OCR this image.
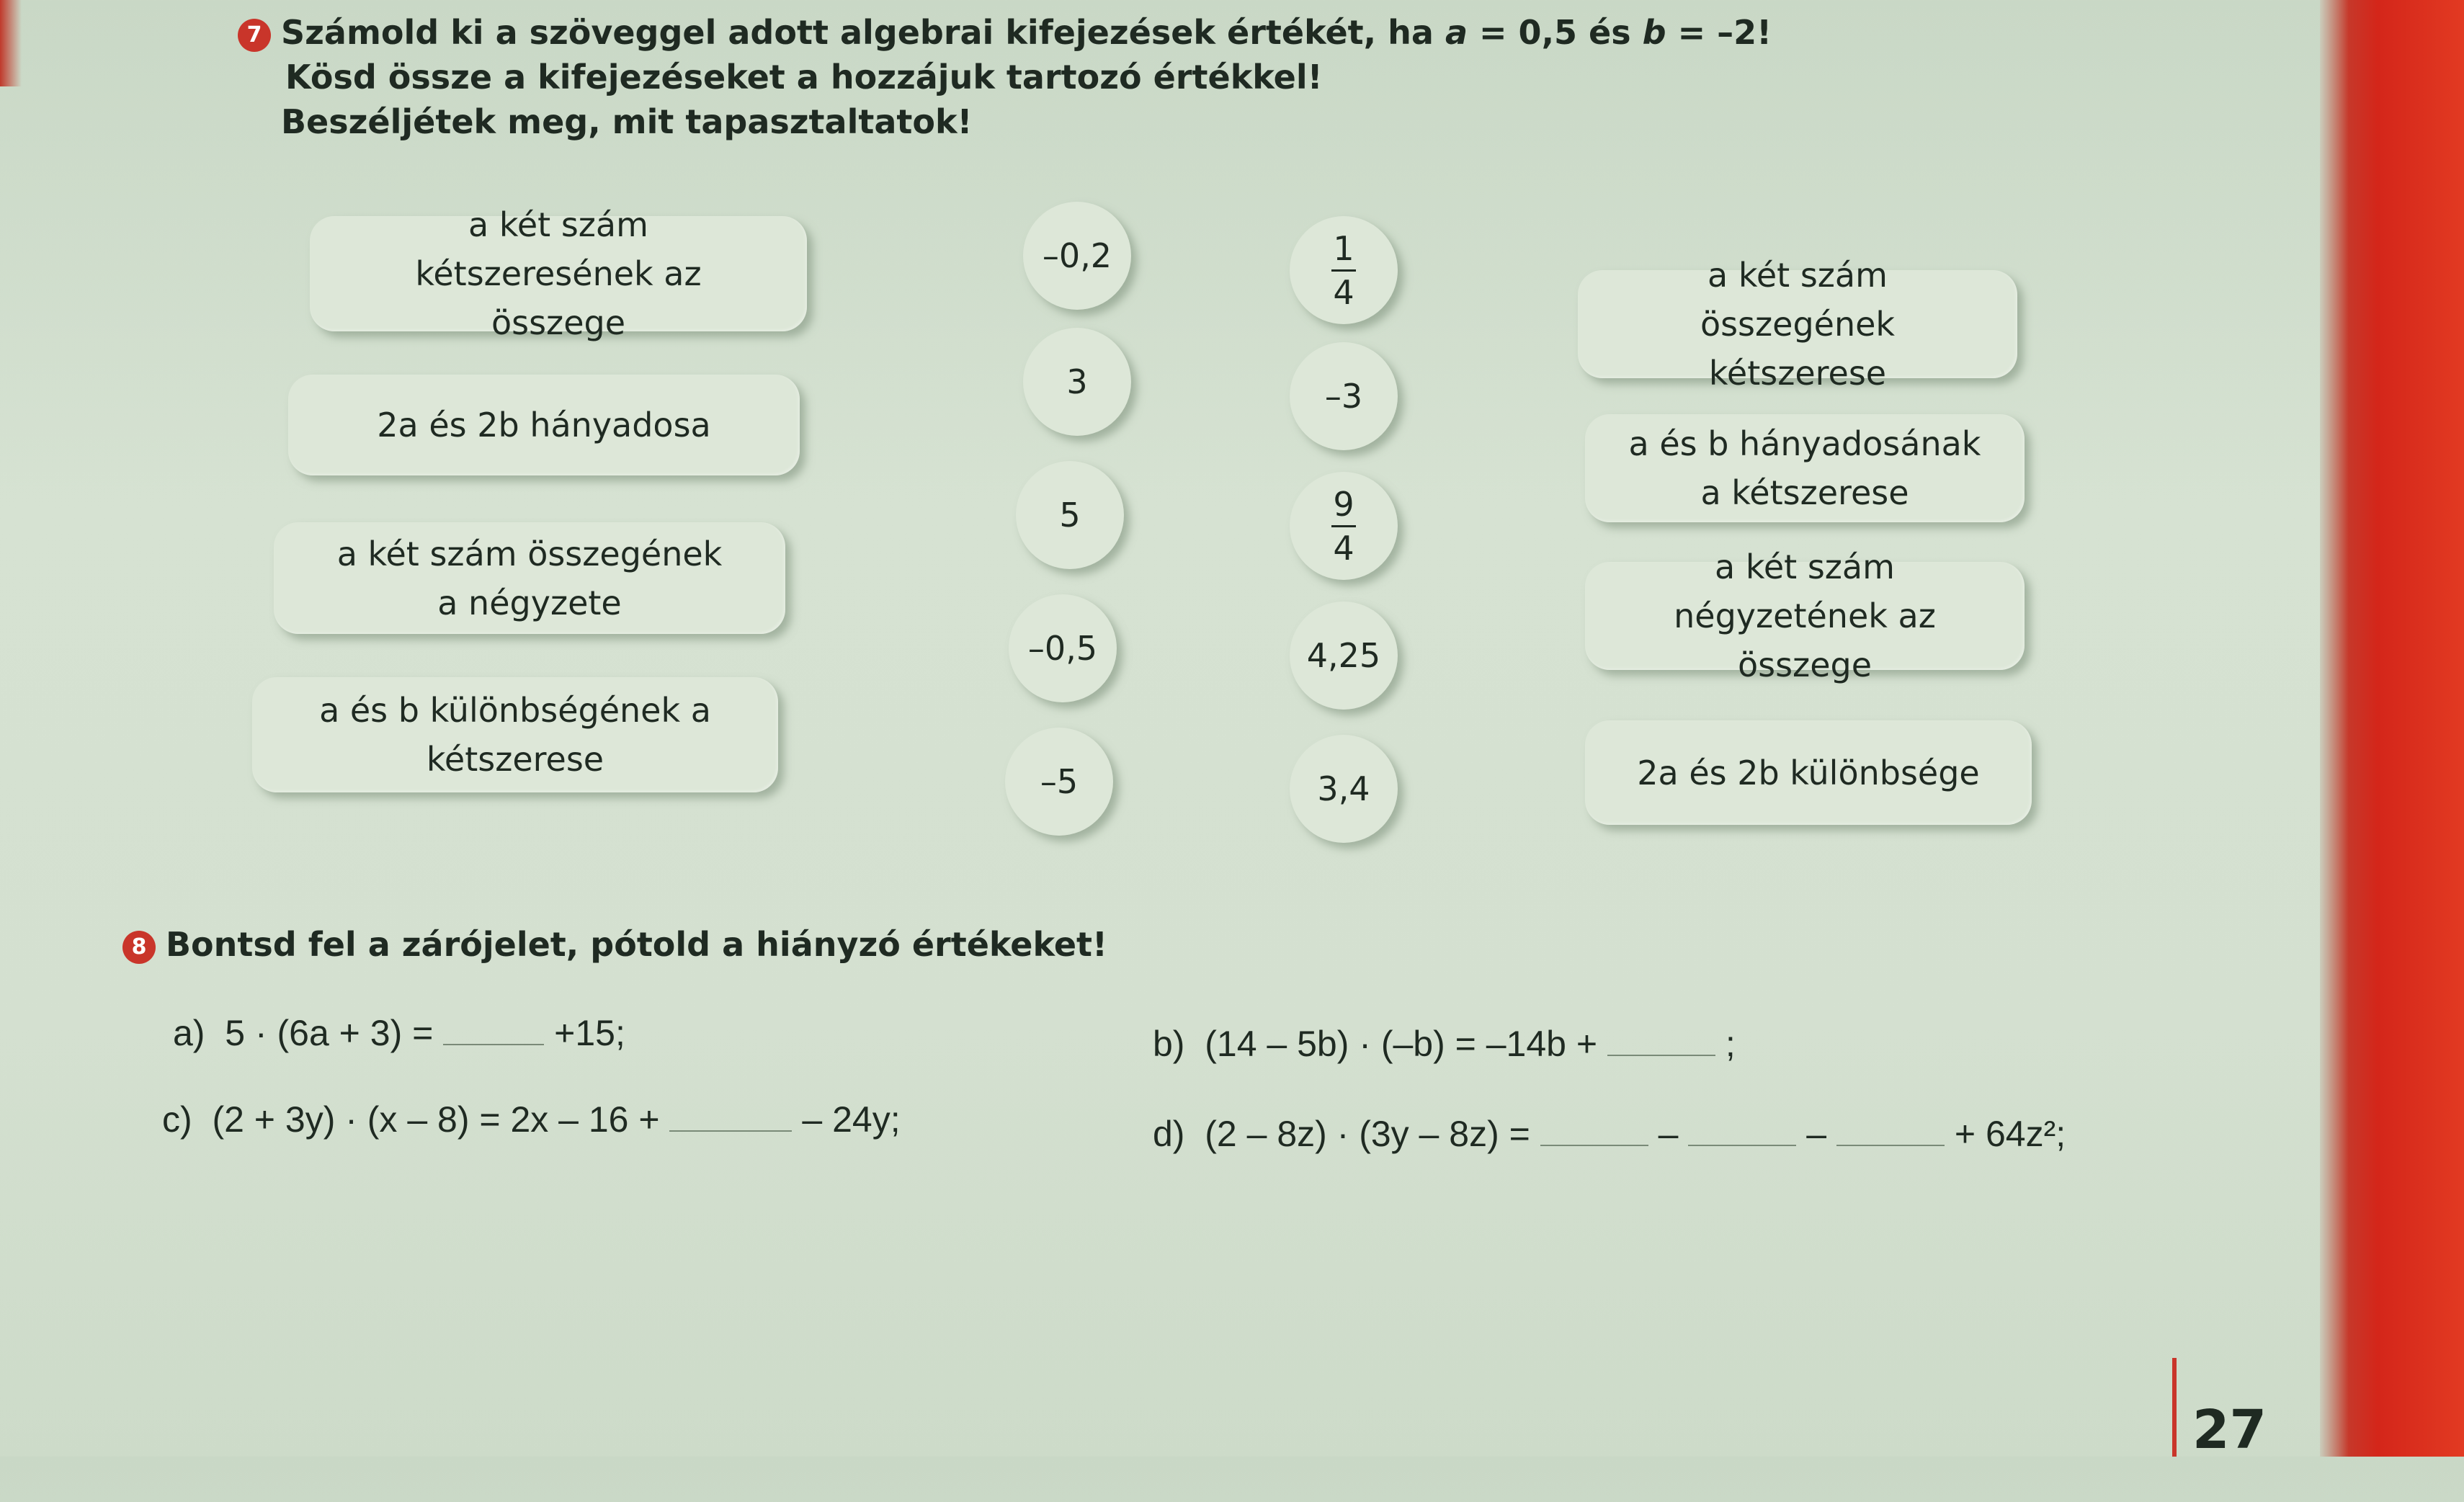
7 Számold ki a szöveggel adott algebrai kifejezések értékét, ha a = 0,5 és b = –2!
Kösd össze a kifejezéseket a hozzájuk tartozó értékkel!
Beszéljétek meg, mit tapasztaltatok!
a két szám kétszeresének az összege
2a és 2b hányadosa
a két szám összegének a négyzete
a és b különbségének a kétszerese
–0,2
3
5
–0,5
–5
$\frac{1}{4}$
–3
$\frac{9}{4}$
4,25
3,4
a két szám összegének kétszerese
a és b hányadosának a kétszerese
a két szám négyzetének az összege
2a és 2b különbsége
8 Bontsd fel a zárójelet, pótold a hiányzó értékeket!
a) 5 · (6a + 3) =	+15;	b) (14 – 5b) · (–b) = –14b +	;
c) (2 + 3y) · (x – 8) = 2x – 16 +	– 24y;	d) (2 – 8z) · (3y – 8z) =	–	–	+ 64z²;
27
